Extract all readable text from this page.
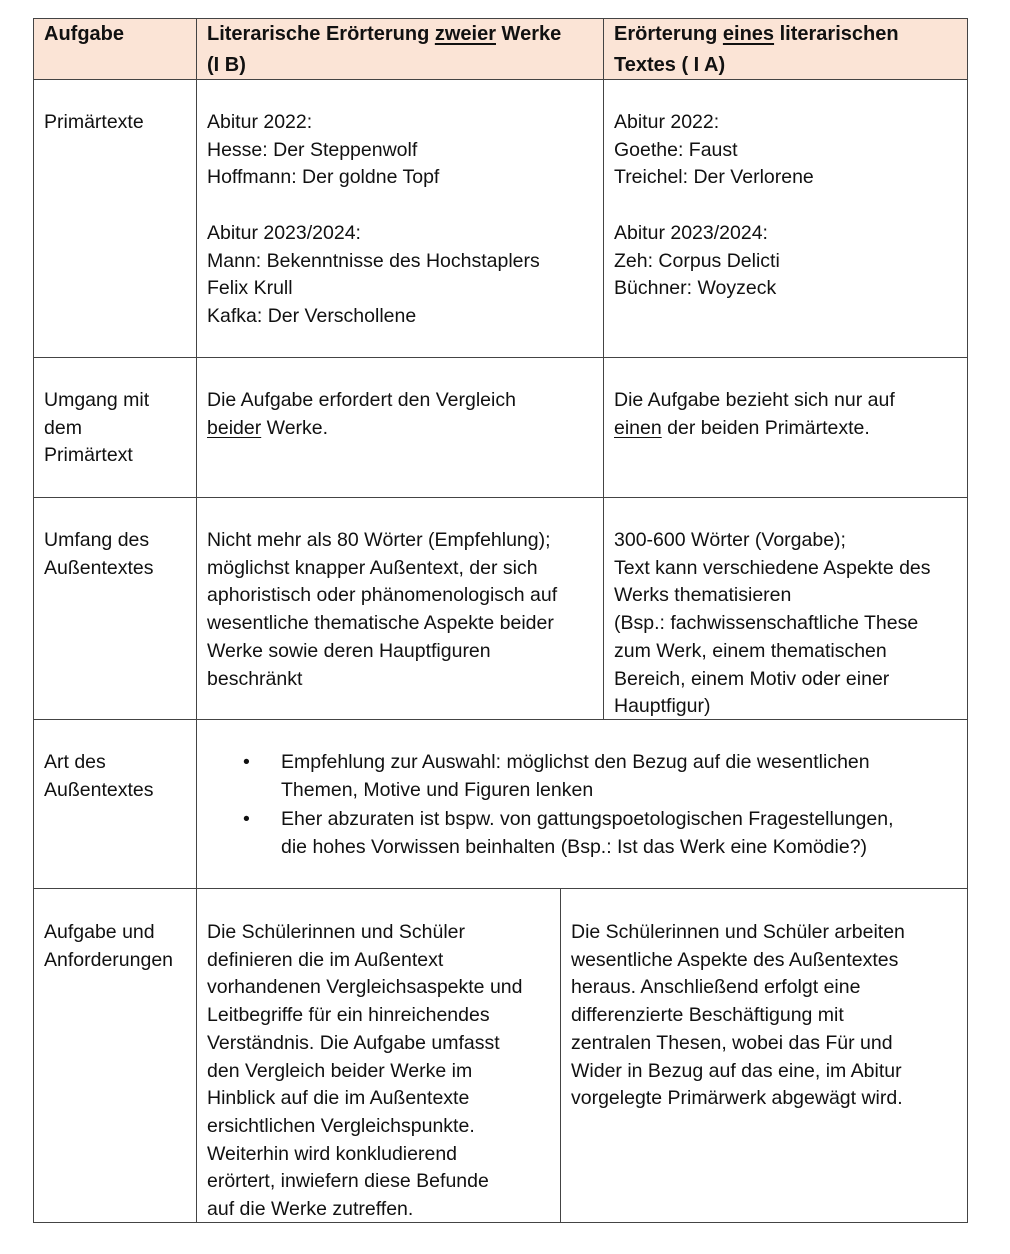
Aufgabe	Literarische Erörterung zweier Werke
(I B)
Erörterung eines literarischen
Textes ( I A)
Primärtexte	Abitur 2022:
Hesse: Der Steppenwolf
Hoffmann: Der goldne Topf
Abitur 2023/2024:
Mann: Bekenntnisse des Hochstaplers
Felix Krull
Kafka: Der Verschollene
Abitur 2022:
Goethe: Faust
Treichel: Der Verlorene
Abitur 2023/2024:
Zeh: Corpus Delicti
Büchner: Woyzeck
Umgang mit
dem
Primärtext
Die Aufgabe erfordert den Vergleich
beider Werke.
Die Aufgabe bezieht sich nur auf
einen der beiden Primärtexte.
Umfang des
Außentextes
Nicht mehr als 80 Wörter (Empfehlung);
möglichst knapper Außentext, der sich
aphoristisch oder phänomenologisch auf
wesentliche thematische Aspekte beider
Werke sowie deren Hauptfiguren
beschränkt
300-600 Wörter (Vorgabe);
Text kann verschiedene Aspekte des
Werks thematisieren
(Bsp.: fachwissenschaftliche These
zum Werk, einem thematischen
Bereich, einem Motiv oder einer
Hauptfigur)
Art des
Außentextes
• Empfehlung zur Auswahl: möglichst den Bezug auf die wesentlichen
Themen, Motive und Figuren lenken
• Eher abzuraten ist bspw. von gattungspoetologischen Fragestellungen,
die hohes Vorwissen beinhalten (Bsp.: Ist das Werk eine Komödie?)
Aufgabe und
Anforderungen
Die Schülerinnen und Schüler
definieren die im Außentext
vorhandenen Vergleichsaspekte und
Leitbegriffe für ein hinreichendes
Verständnis. Die Aufgabe umfasst
den Vergleich beider Werke im
Hinblick auf die im Außentexte
ersichtlichen Vergleichspunkte.
Weiterhin wird konkludierend
erörtert, inwiefern diese Befunde
auf die Werke zutreffen.
Die Schülerinnen und Schüler arbeiten
wesentliche Aspekte des Außentextes
heraus. Anschließend erfolgt eine
differenzierte Beschäftigung mit
zentralen Thesen, wobei das Für und
Wider in Bezug auf das eine, im Abitur
vorgelegte Primärwerk abgewägt wird.
